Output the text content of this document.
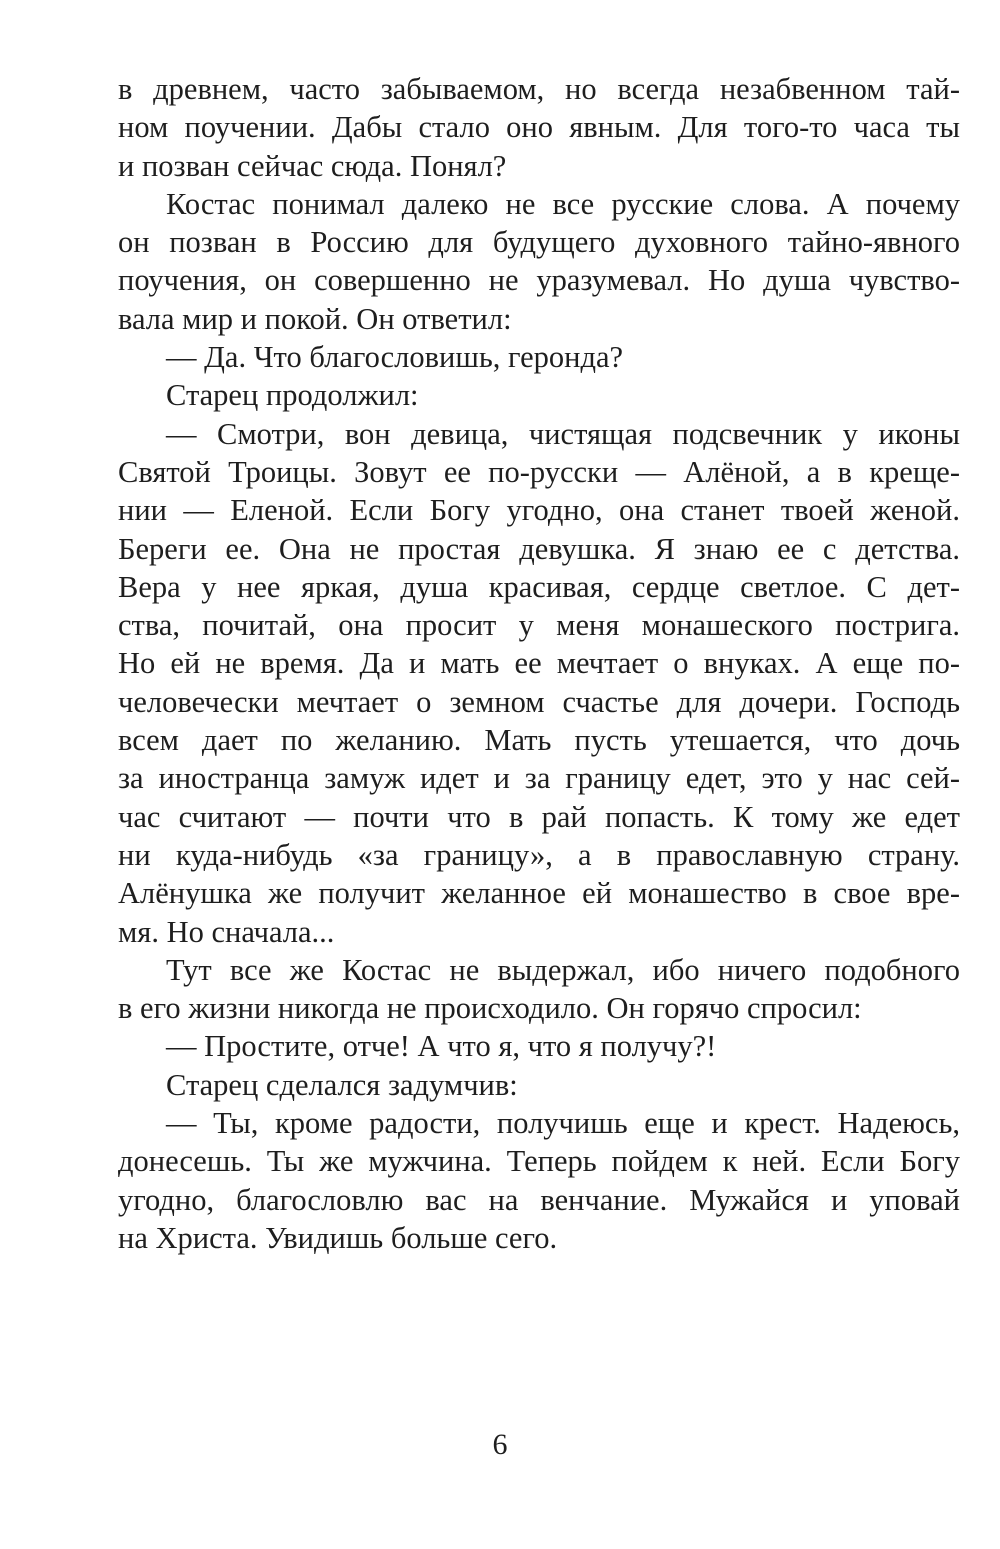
в древнем, часто забываемом, но всегда незабвенном тай-
ном поучении. Дабы стало оно явным. Для того-то часа ты
и позван сейчас сюда. Понял?
Костас понимал далеко не все русские слова. А почему
он позван в Россию для будущего духовного тайно-явного
поучения, он совершенно не уразумевал. Но душа чувство-
вала мир и покой. Он ответил:
— Да. Что благословишь, геронда?
Старец продолжил:
— Смотри, вон девица, чистящая подсвечник у иконы
Святой Троицы. Зовут ее по-русски — Алёной, а в креще-
нии — Еленой. Если Богу угодно, она станет твоей женой.
Береги ее. Она не простая девушка. Я знаю ее с детства.
Вера у нее яркая, душа красивая, сердце светлое. С дет-
ства, почитай, она просит у меня монашеского пострига.
Но ей не время. Да и мать ее мечтает о внуках. А еще по-
человечески мечтает о земном счастье для дочери. Господь
всем дает по желанию. Мать пусть утешается, что дочь
за иностранца замуж идет и за границу едет, это у нас сей-
час считают — почти что в рай попасть. К тому же едет
ни куда-нибудь «за границу», а в православную страну.
Алёнушка же получит желанное ей монашество в свое вре-
мя. Но сначала...
Тут все же Костас не выдержал, ибо ничего подобного
в его жизни никогда не происходило. Он горячо спросил:
— Простите, отче! А что я, что я получу?!
Старец сделался задумчив:
— Ты, кроме радости, получишь еще и крест. Надеюсь,
донесешь. Ты же мужчина. Теперь пойдем к ней. Если Богу
угодно, благословлю вас на венчание. Мужайся и уповай
на Христа. Увидишь больше сего.
6
